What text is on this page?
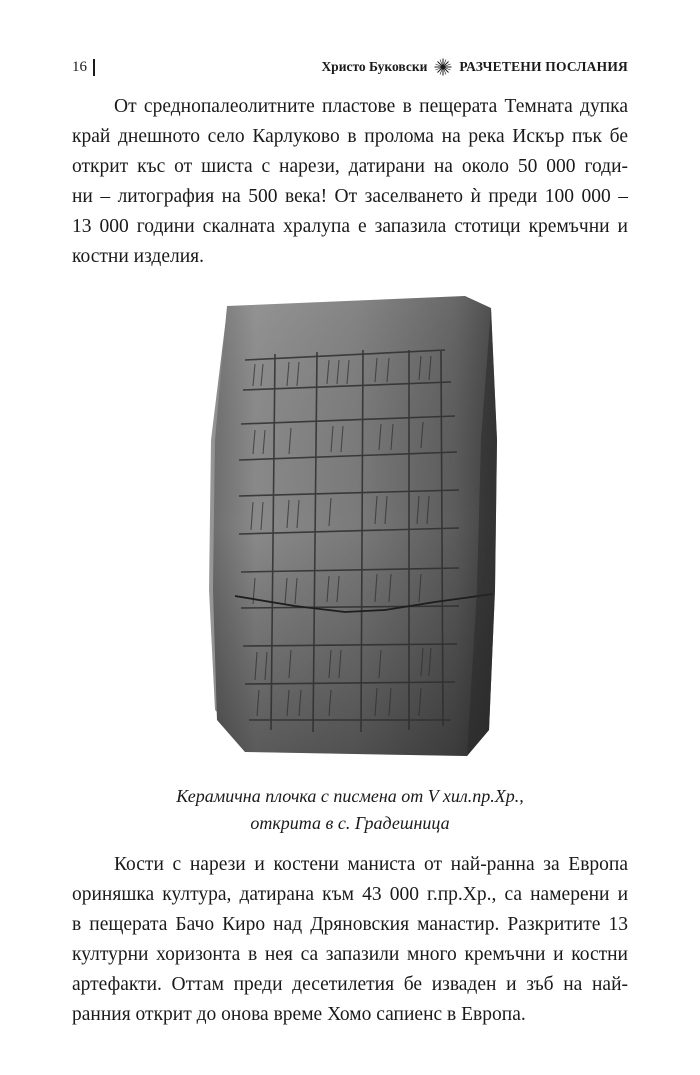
16	Христо Буковски РАЗЧЕТЕНИ ПОСЛАНИЯ

От среднопалеолитните пластове в пещерата Темната дупка
край днешното село Карлуково в пролома на река Искър пък бе
открит къс от шиста с нарези, датирани на около 50 000 годи-
ни – литография на 500 века! От заселването ѝ преди 100 000 –
13 000 години скалната хралупа е запазила стотици кремъчни и
костни изделия.

Керамична плочка с писмена от V хил.пр.Хр.,
открита в с. Градешница

Кости с нарези и костени маниста от най-ранна за Европа
ориняшка култура, датирана към 43 000 г.пр.Хр., са намерени и
в пещерата Бачо Киро над Дряновския манастир. Разкритите 13
културни хоризонта в нея са запазили много кремъчни и костни
артефакти. Оттам преди десетилетия бе изваден и зъб на най-
ранния открит до онова време Хомо сапиенс в Европа.
